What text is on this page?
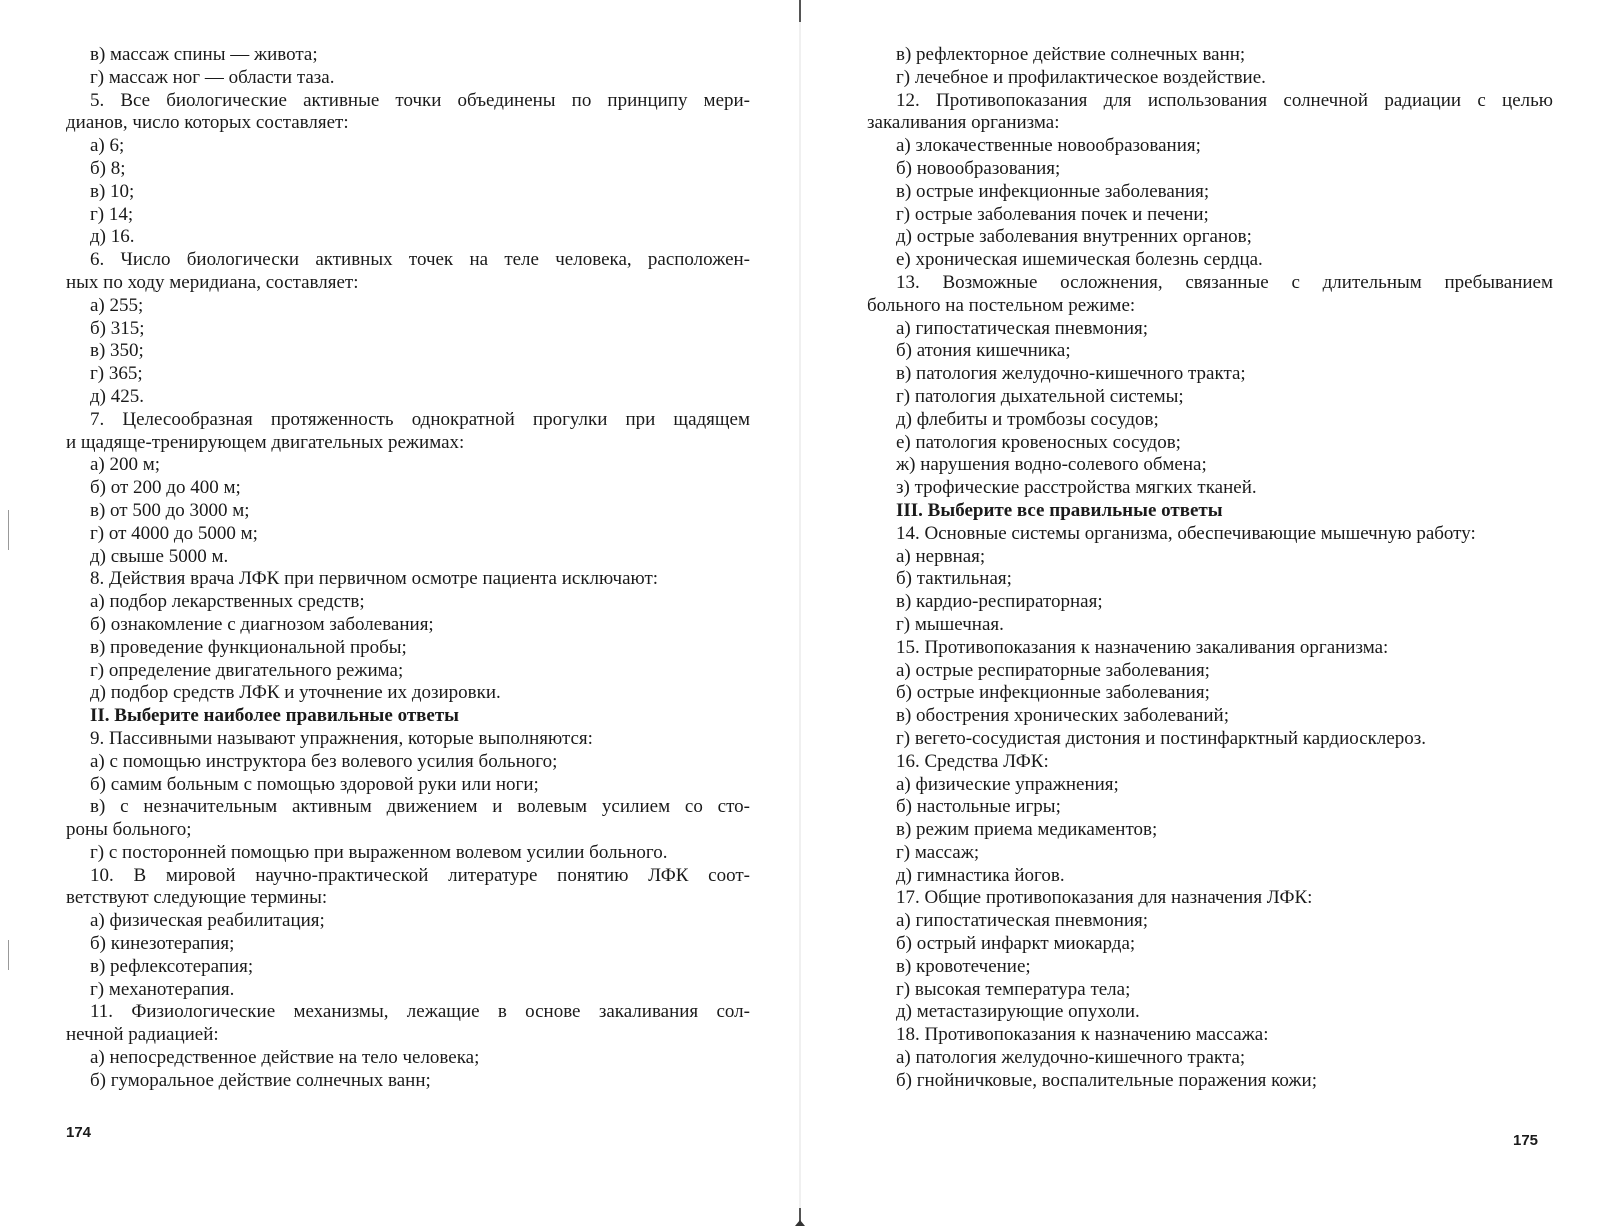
в) массаж спины — живота;
г) массаж ног — области таза.
5. Все биологические активные точки объединены по принципу мери-
дианов, число которых составляет:
а) 6;
б) 8;
в) 10;
г) 14;
д) 16.
6. Число биологически активных точек на теле человека, расположен-
ных по ходу меридиана, составляет:
а) 255;
б) 315;
в) 350;
г) 365;
д) 425.
7. Целесообразная протяженность однократной прогулки при щадящем
и щадяще-тренирующем двигательных режимах:
а) 200 м;
б) от 200 до 400 м;
в) от 500 до 3000 м;
г) от 4000 до 5000 м;
д) свыше 5000 м.
8. Действия врача ЛФК при первичном осмотре пациента исключают:
а) подбор лекарственных средств;
б) ознакомление с диагнозом заболевания;
в) проведение функциональной пробы;
г) определение двигательного режима;
д) подбор средств ЛФК и уточнение их дозировки.
II. Выберите наиболее правильные ответы
9. Пассивными называют упражнения, которые выполняются:
а) с помощью инструктора без волевого усилия больного;
б) самим больным с помощью здоровой руки или ноги;
в) с незначительным активным движением и волевым усилием со сто-
роны больного;
г) с посторонней помощью при выраженном волевом усилии больного.
10. В мировой научно-практической литературе понятию ЛФК соот-
ветствуют следующие термины:
а) физическая реабилитация;
б) кинезотерапия;
в) рефлексотерапия;
г) механотерапия.
11. Физиологические механизмы, лежащие в основе закаливания сол-
нечной радиацией:
а) непосредственное действие на тело человека;
б) гуморальное действие солнечных ванн;
174
в) рефлекторное действие солнечных ванн;
г) лечебное и профилактическое воздействие.
12. Противопоказания для использования солнечной радиации с целью
закаливания организма:
а) злокачественные новообразования;
б) новообразования;
в) острые инфекционные заболевания;
г) острые заболевания почек и печени;
д) острые заболевания внутренних органов;
е) хроническая ишемическая болезнь сердца.
13. Возможные осложнения, связанные с длительным пребыванием
больного на постельном режиме:
а) гипостатическая пневмония;
б) атония кишечника;
в) патология желудочно-кишечного тракта;
г) патология дыхательной системы;
д) флебиты и тромбозы сосудов;
е) патология кровеносных сосудов;
ж) нарушения водно-солевого обмена;
з) трофические расстройства мягких тканей.
III. Выберите все правильные ответы
14. Основные системы организма, обеспечивающие мышечную работу:
а) нервная;
б) тактильная;
в) кардио-респираторная;
г) мышечная.
15. Противопоказания к назначению закаливания организма:
а) острые респираторные заболевания;
б) острые инфекционные заболевания;
в) обострения хронических заболеваний;
г) вегето-сосудистая дистония и постинфарктный кардиосклероз.
16. Средства ЛФК:
а) физические упражнения;
б) настольные игры;
в) режим приема медикаментов;
г) массаж;
д) гимнастика йогов.
17. Общие противопоказания для назначения ЛФК:
а) гипостатическая пневмония;
б) острый инфаркт миокарда;
в) кровотечение;
г) высокая температура тела;
д) метастазирующие опухоли.
18. Противопоказания к назначению массажа:
а) патология желудочно-кишечного тракта;
б) гнойничковые, воспалительные поражения кожи;
175
